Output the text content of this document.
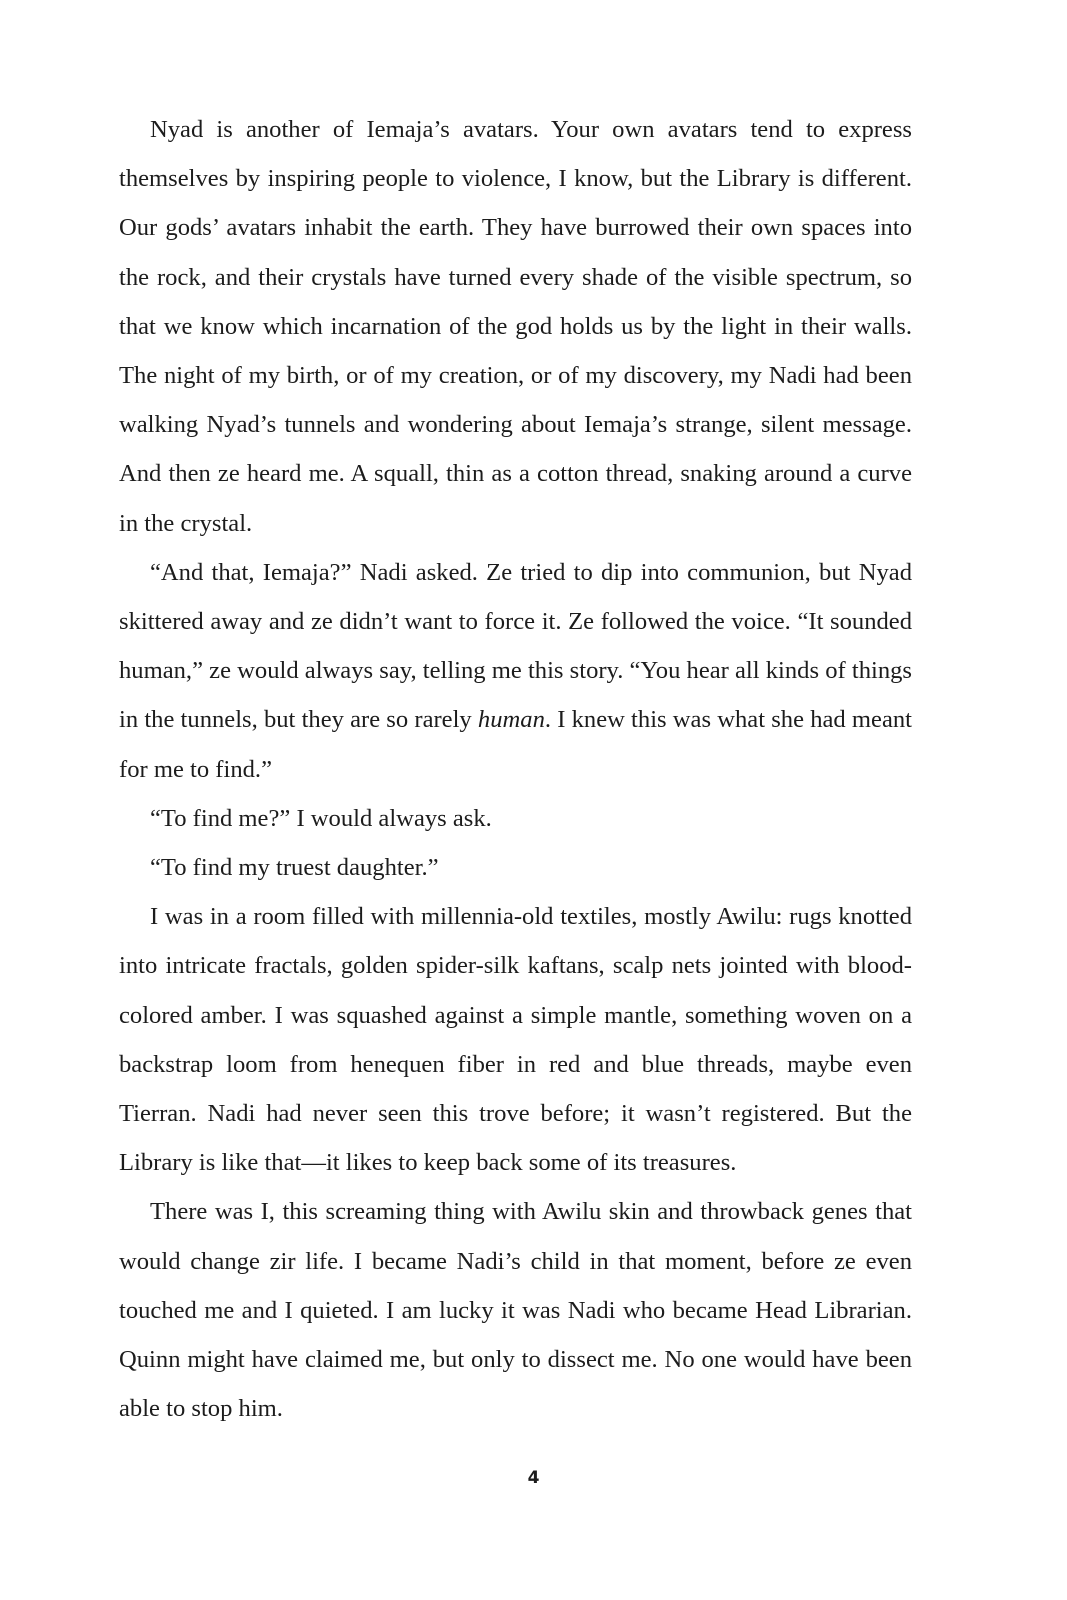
Nyad is another of Iemaja’s avatars. Your own avatars tend to express themselves by inspiring people to violence, I know, but the Library is different. Our gods’ avatars inhabit the earth. They have burrowed their own spaces into the rock, and their crystals have turned every shade of the visible spectrum, so that we know which incarnation of the god holds us by the light in their walls. The night of my birth, or of my creation, or of my discovery, my Nadi had been walking Nyad’s tunnels and wondering about Iemaja’s strange, silent message. And then ze heard me. A squall, thin as a cotton thread, snaking around a curve in the crystal.

“And that, Iemaja?” Nadi asked. Ze tried to dip into communion, but Nyad skittered away and ze didn’t want to force it. Ze followed the voice. “It sounded human,” ze would always say, telling me this story. “You hear all kinds of things in the tunnels, but they are so rarely human. I knew this was what she had meant for me to find.”

“To find me?” I would always ask.

“To find my truest daughter.”

I was in a room filled with millennia-old textiles, mostly Awilu: rugs knotted into intricate fractals, golden spider-silk kaftans, scalp nets jointed with blood-colored amber. I was squashed against a simple mantle, something woven on a backstrap loom from henequen fiber in red and blue threads, maybe even Tierran. Nadi had never seen this trove before; it wasn’t registered. But the Library is like that—it likes to keep back some of its treasures.

There was I, this screaming thing with Awilu skin and throwback genes that would change zir life. I became Nadi’s child in that moment, before ze even touched me and I quieted. I am lucky it was Nadi who became Head Librarian. Quinn might have claimed me, but only to dissect me. No one would have been able to stop him.

4
